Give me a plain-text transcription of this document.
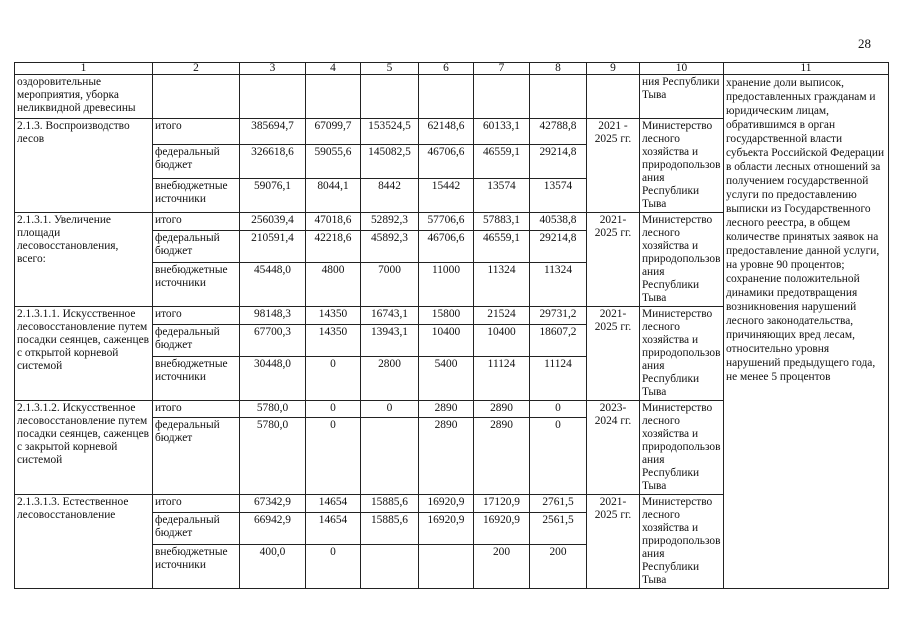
28
1	2	3	4	5	6	7	8	9	10	11
оздоровительные мероприятия, уборка неликвидной древесины									ния Республики Тыва	хранение доли выписок, предоставленных гражданам и юридическим лицам, обратившимся в орган государственной власти субъекта Российской Федерации в области лесных отношений за получением государственной услуги по предоставлению выписки из Государственного лесного реестра, в общем количестве принятых заявок на предоставление данной услуги, на уровне 90 процентов; сохранение положительной динамики предотвращения возникновения нарушений лесного законодательства, причиняющих вред лесам, относительно уровня нарушений предыдущего года, не менее 5 процентов
2.1.3. Воспроизводство лесов	итого	385694,7	67099,7	153524,5	62148,6	60133,1	42788,8	2021 - 2025 гг.	Министерство лесного хозяйства и природопользования Республики Тыва	
	федеральный бюджет	326618,6	59055,6	145082,5	46706,6	46559,1	29214,8			
	внебюджетные источники	59076,1	8044,1	8442	15442	13574	13574			
2.1.3.1. Увеличение площади лесовосстановления, всего:	итого	256039,4	47018,6	52892,3	57706,6	57883,1	40538,8	2021- 2025 гг.	Министерство лесного хозяйства и природопользования Республики Тыва	
	федеральный бюджет	210591,4	42218,6	45892,3	46706,6	46559,1	29214,8			
	внебюджетные источники	45448,0	4800	7000	11000	11324	11324			
2.1.3.1.1. Искусственное лесовосстановление путем посадки сеянцев, саженцев с открытой корневой системой	итого	98148,3	14350	16743,1	15800	21524	29731,2	2021- 2025 гг.	Министерство лесного хозяйства и природопользования Республики Тыва	
	федеральный бюджет	67700,3	14350	13943,1	10400	10400	18607,2			
	внебюджетные источники	30448,0	0	2800	5400	11124	11124			
2.1.3.1.2. Искусственное лесовосстановление путем посадки сеянцев, саженцев с закрытой корневой системой	итого	5780,0	0	0	2890	2890	0	2023- 2024 гг.	Министерство лесного хозяйства и природопользования Республики Тыва	
	федеральный бюджет	5780,0	0		2890	2890	0			
2.1.3.1.3. Естественное лесовосстановление	итого	67342,9	14654	15885,6	16920,9	17120,9	2761,5	2021- 2025 гг.	Министерство лесного хозяйства и природопользования Республики Тыва	
	федеральный бюджет	66942,9	14654	15885,6	16920,9	16920,9	2561,5			
	внебюджетные источники	400,0	0			200	200			
